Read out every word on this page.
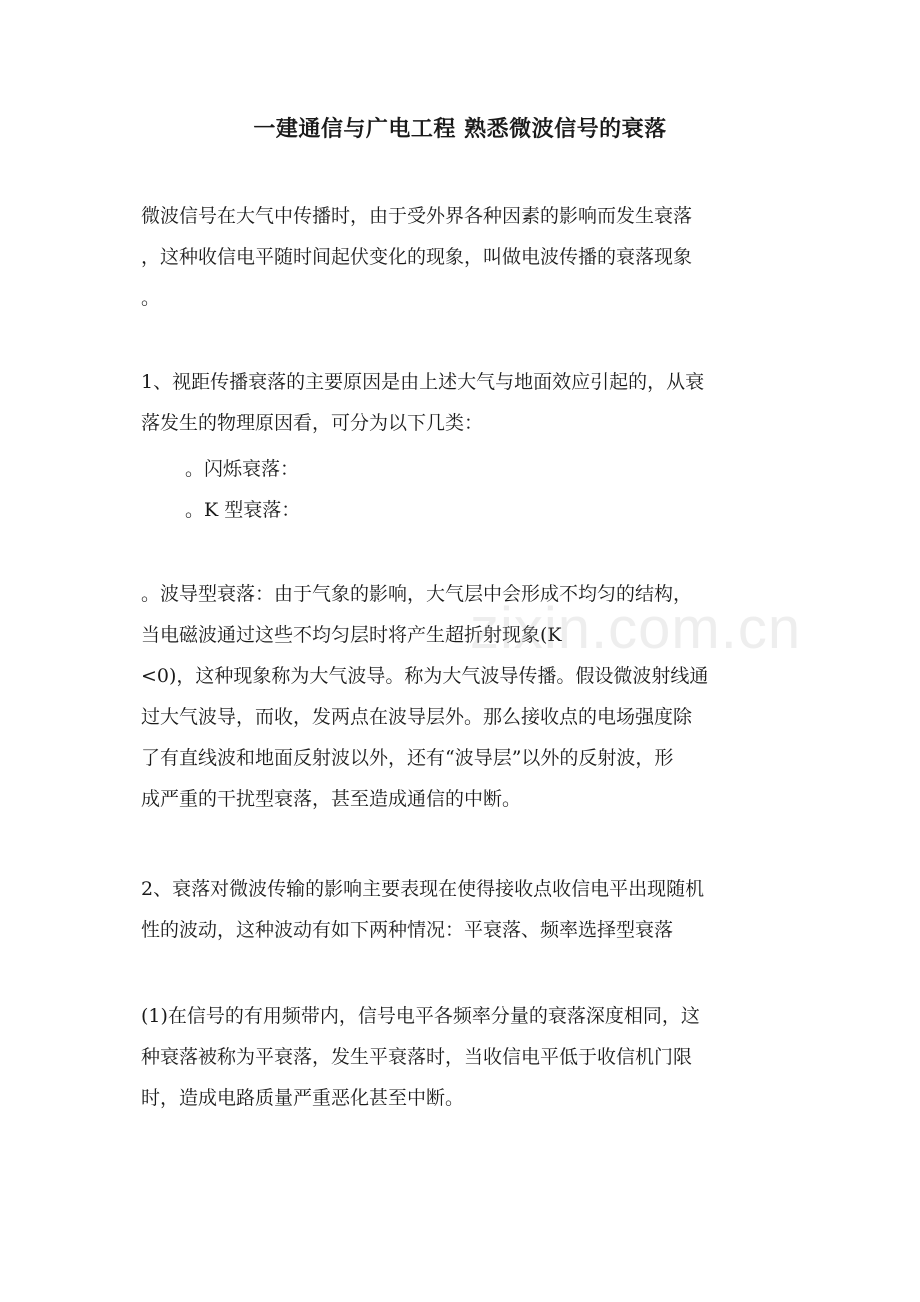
一建通信与广电工程 熟悉微波信号的衰落

微波信号在大气中传播时，由于受外界各种因素的影响而发生衰落
，这种收信电平随时间起伏变化的现象，叫做电波传播的衰落现象
。

1、视距传播衰落的主要原因是由上述大气与地面效应引起的，从衰
落发生的物理原因看，可分为以下几类：

。闪烁衰落：
。K 型衰落：

。波导型衰落：由于气象的影响，大气层中会形成不均匀的结构，
当电磁波通过这些不均匀层时将产生超折射现象(K
<0)，这种现象称为大气波导。称为大气波导传播。假设微波射线通
过大气波导，而收，发两点在波导层外。那么接收点的电场强度除
了有直线波和地面反射波以外，还有“波导层”以外的反射波，形
成严重的干扰型衰落，甚至造成通信的中断。

2、衰落对微波传输的影响主要表现在使得接收点收信电平出现随机
性的波动，这种波动有如下两种情况：平衰落、频率选择型衰落

(1)在信号的有用频带内，信号电平各频率分量的衰落深度相同，这
种衰落被称为平衰落，发生平衰落时，当收信电平低于收信机门限
时，造成电路质量严重恶化甚至中断。

zixin.com.cn
